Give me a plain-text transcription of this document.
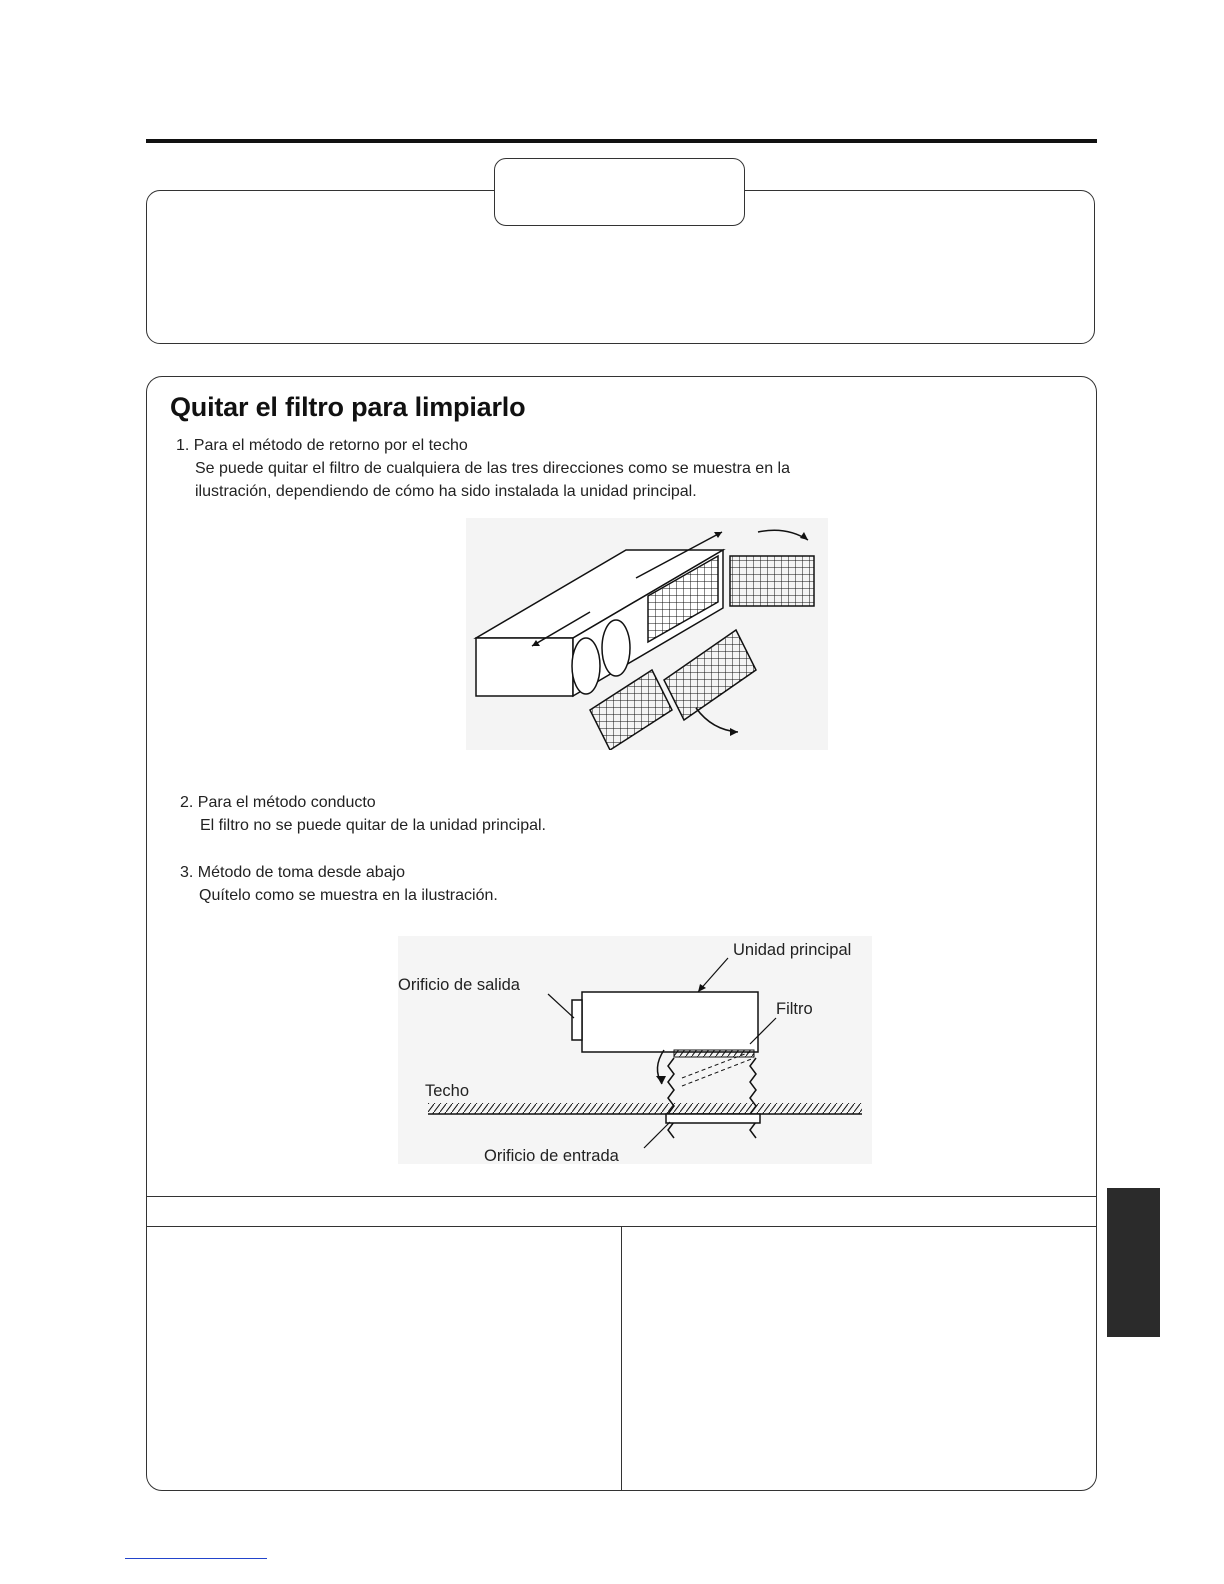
Quitar el filtro para limpiarlo

1. Para el método de retorno por el techo

Se puede quitar el filtro de cualquiera de las tres direcciones como se muestra en la

ilustración, dependiendo de cómo ha sido instalada la unidad principal.

2. Para el método conducto

El filtro no se puede quitar de la unidad principal.

3. Método de toma desde abajo

Quítelo como se muestra en la ilustración.

Unidad principal

Orificio de salida

Filtro

Techo

Orificio de entrada
